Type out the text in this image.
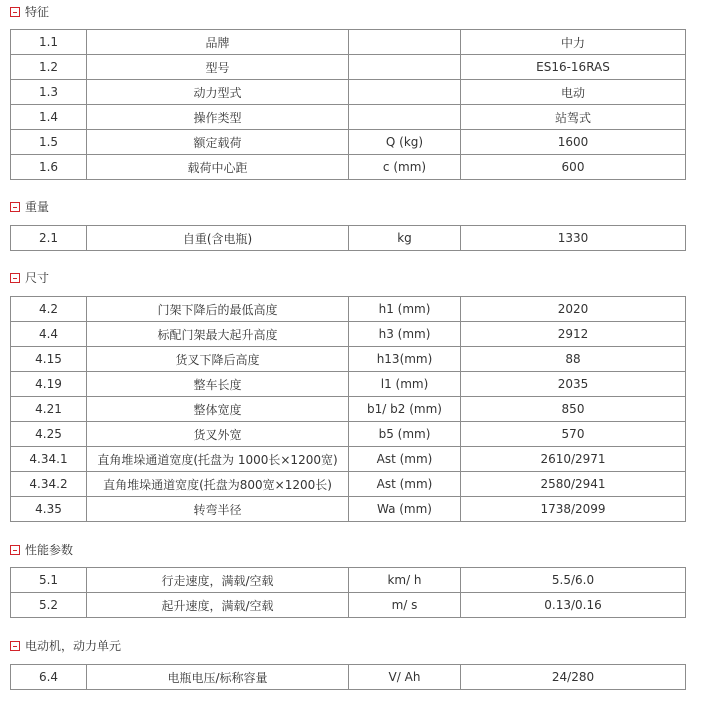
特征
1.1	品牌		中力
1.2	型号		ES16-16RAS
1.3	动力型式		电动
1.4	操作类型		站驾式
1.5	额定载荷	Q (kg)	1600
1.6	载荷中心距	c (mm)	600
重量
2.1	自重(含电瓶)	kg	1330
尺寸
4.2	门架下降后的最低高度	h1 (mm)	2020
4.4	标配门架最大起升高度	h3 (mm)	2912
4.15	货叉下降后高度	h13(mm)	88
4.19	整车长度	l1 (mm)	2035
4.21	整体宽度	b1/ b2 (mm)	850
4.25	货叉外宽	b5 (mm)	570
4.34.1	直角堆垛通道宽度(托盘为 1000长×1200宽)	Ast (mm)	2610/2971
4.34.2	直角堆垛通道宽度(托盘为800宽×1200长)	Ast (mm)	2580/2941
4.35	转弯半径	Wa (mm)	1738/2099
性能参数
5.1	行走速度，满载/空载	km/ h	5.5/6.0
5.2	起升速度，满载/空载	m/ s	0.13/0.16
电动机，动力单元
6.4	电瓶电压/标称容量	V/ Ah	24/280
